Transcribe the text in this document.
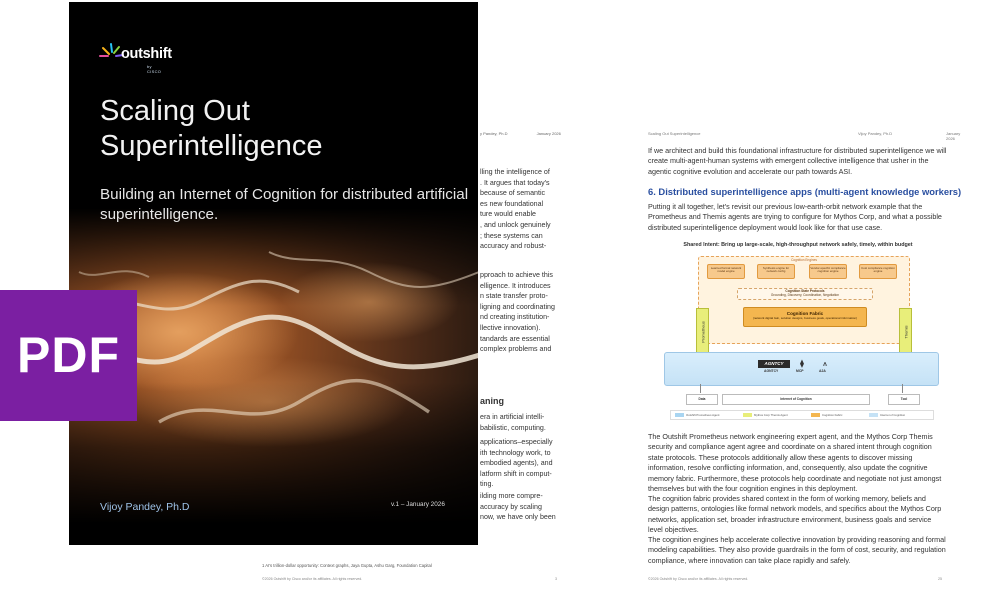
y Pandey, Ph.D	January 2026
lling the intelligence of
. It argues that today's
because of semantic
es new foundational
ture would enable
, and unlock genuinely
; these systems can
accuracy and robust-
pproach to achieve this
elligence. It introduces
n state transfer proto-
ligning and coordinating
nd creating institution-
llective innovation).
tandards are essential
complex problems and
aning
era in artificial intelli-
babilistic, computing.
applications–especially
ith technology work, to
embodied agents), and
latform shift in comput-
ting.
ilding more compre-
accuracy by scaling
now, we have only been
1 AI's trillion-dollar opportunity: Context graphs, Jaya Gupta, Ashu Garg, Foundation Capital
©2026 Outshift by Cisco and/or its affiliates. All rights reserved.	3
Scaling Out Superintelligence	Vijoy Pandey, Ph.D	January 2026
If we architect and build this foundational infrastructure for distributed superintelligence we will create multi-agent-human systems with emergent collective intelligence that usher in the agentic cognitive evolution and accelerate our path towards ASI.
6. Distributed superintelligence apps (multi-agent knowledge workers)
Putting it all together, let's revisit our previous low-earth-orbit network example that the Prometheus and Themis agents are trying to configure for Mythos Corp, and what a possible distributed superintelligence deployment would look like for that use case.
Shared Intent: Bring up large-scale, high-throughput network safely, timely, within budget
Cognition Engines
Learned formal network model engine
Synthesis engine for network config
Vendor-specific compliance cognition engine
Cost compliance cognition engine
Cognition State Protocols
Grounding, Discovery, Coordination, Negotiation
Cognition Fabric
(network digital twin, solution designs, business goals, operational information)
Prometheus	Themis
AGNTCY	⧫	⩚
AGNTCY	MCP	A2A
Data	Internet of Cognition	Tool
Outshift Prometheus Agent	Mythos Corp Themis Agent	Cognition Fabric	Internet of Cognition
The Outshift Prometheus network engineering expert agent, and the Mythos Corp Themis security and compliance agent agree and coordinate on a shared intent through cognition state protocols. These protocols additionally allow these agents to discover missing information, resolve conflicting information, and, consequently, also update the cognitive memory fabric. Furthermore, these protocols help coordinate and negotiate not just amongst themselves but with the four cognition engines in this deployment.
The cognition fabric provides shared context in the form of working memory, beliefs and design patterns, ontologies like formal network models, and specifics about the Mythos Corp networks, application set, broader infrastructure environment, business goals and service level objectives.
The cognition engines help accelerate collective innovation by providing reasoning and formal modeling capabilities. They also provide guardrails in the form of cost, security, and regulation compliance, where innovation can take place rapidly and safely.
©2026 Outshift by Cisco and/or its affiliates. All rights reserved.	25
outshift
by CISCO
Scaling Out
Superintelligence
Building an Internet of Cognition for distributed artificial superintelligence.
Vijoy Pandey, Ph.D	v.1 – January 2026
PDF
